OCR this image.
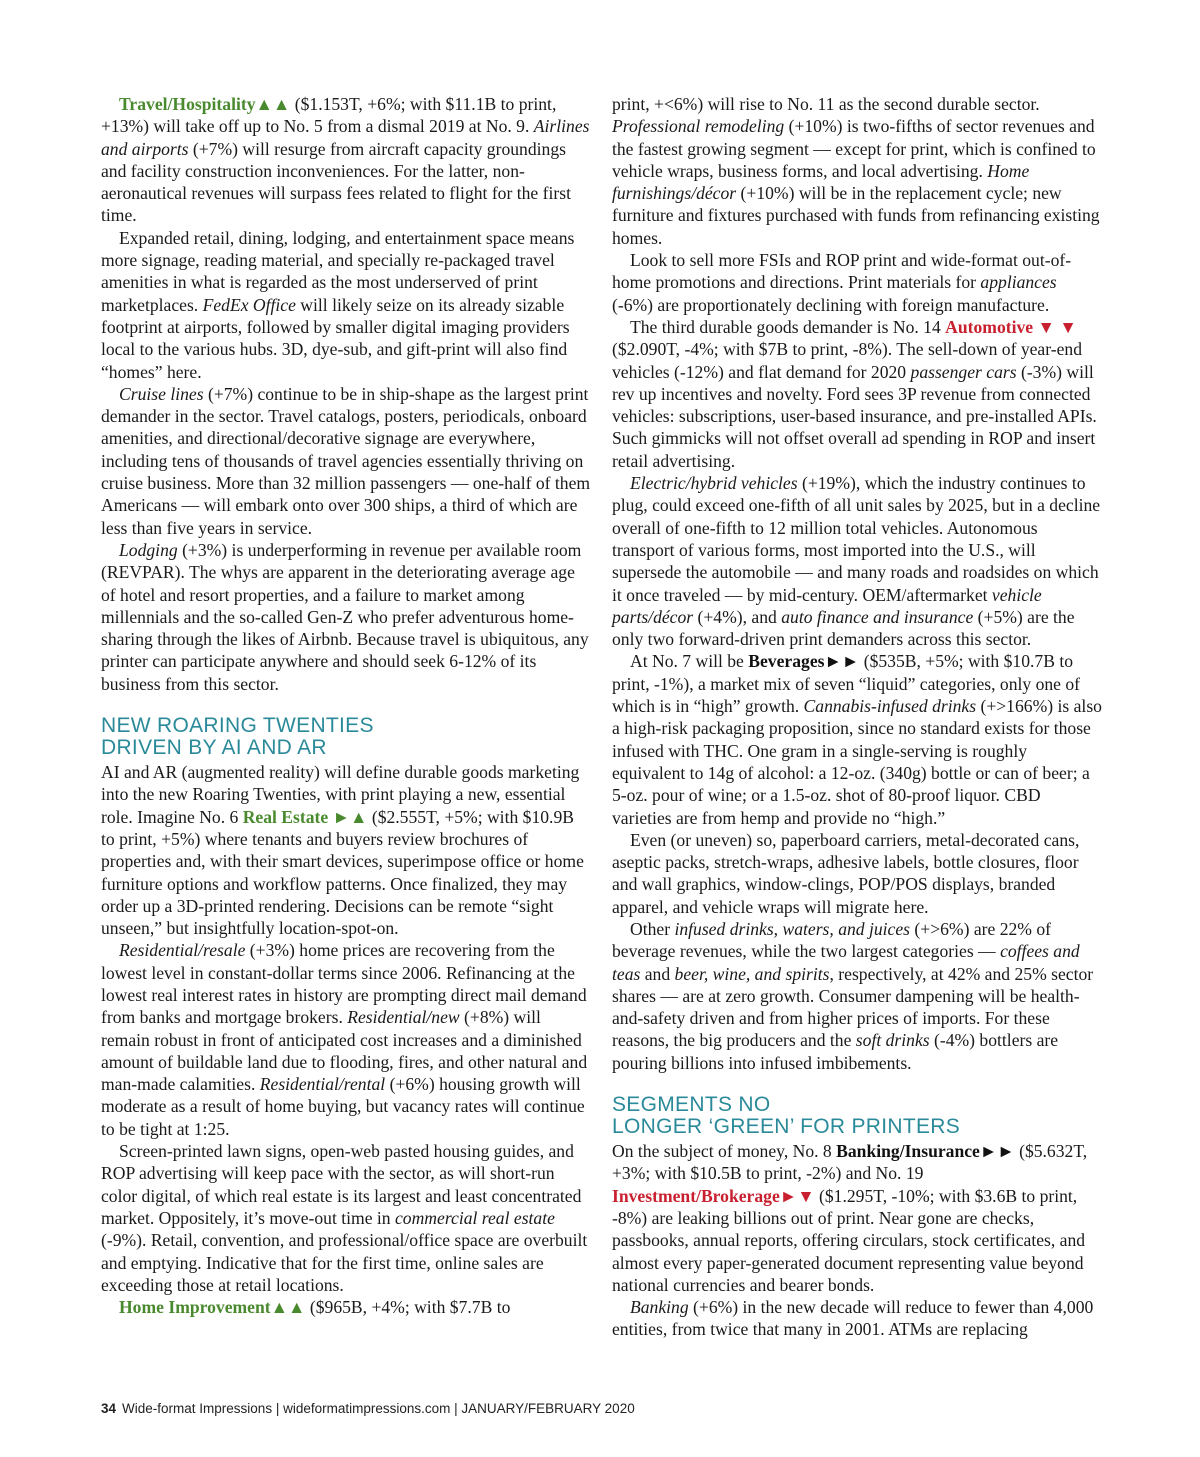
Travel/Hospitality▲▲ ($1.153T, +6%; with $11.1B to print, +13%) will take off up to No. 5 from a dismal 2019 at No. 9. Airlines and airports (+7%) will resurge from aircraft capacity groundings and facility construction inconveniences. For the latter, non-aeronautical revenues will surpass fees related to flight for the first time.

Expanded retail, dining, lodging, and entertainment space means more signage, reading material, and specially re-packaged travel amenities in what is regarded as the most underserved of print marketplaces. FedEx Office will likely seize on its already sizable footprint at airports, followed by smaller digital imaging providers local to the various hubs. 3D, dye-sub, and gift-print will also find “homes” here.

Cruise lines (+7%) continue to be in ship-shape as the largest print demander in the sector. Travel catalogs, posters, periodicals, onboard amenities, and directional/decorative signage are everywhere, including tens of thousands of travel agencies essentially thriving on cruise business. More than 32 million passengers — one-half of them Americans — will embark onto over 300 ships, a third of which are less than five years in service.

Lodging (+3%) is underperforming in revenue per available room (REVPAR). The whys are apparent in the deteriorating average age of hotel and resort properties, and a failure to market among millennials and the so-called Gen-Z who prefer adventurous home-sharing through the likes of Airbnb. Because travel is ubiquitous, any printer can participate anywhere and should seek 6-12% of its business from this sector.

NEW ROARING TWENTIES
DRIVEN BY AI AND AR

AI and AR (augmented reality) will define durable goods marketing into the new Roaring Twenties, with print playing a new, essential role. Imagine No. 6 Real Estate ►▲ ($2.555T, +5%; with $10.9B to print, +5%) where tenants and buyers review brochures of properties and, with their smart devices, superimpose office or home furniture options and workflow patterns. Once finalized, they may order up a 3D-printed rendering. Decisions can be remote “sight unseen,” but insightfully location-spot-on.

Residential/resale (+3%) home prices are recovering from the lowest level in constant-dollar terms since 2006. Refinancing at the lowest real interest rates in history are prompting direct mail demand from banks and mortgage brokers. Residential/new (+8%) will remain robust in front of anticipated cost increases and a diminished amount of buildable land due to flooding, fires, and other natural and man-made calamities. Residential/rental (+6%) housing growth will moderate as a result of home buying, but vacancy rates will continue to be tight at 1:25.

Screen-printed lawn signs, open-web pasted housing guides, and ROP advertising will keep pace with the sector, as will short-run color digital, of which real estate is its largest and least concentrated market. Oppositely, it’s move-out time in commercial real estate (-9%). Retail, convention, and professional/office space are overbuilt and emptying. Indicative that for the first time, online sales are exceeding those at retail locations.

Home Improvement▲▲ ($965B, +4%; with $7.7B to

print, +<6%) will rise to No. 11 as the second durable sector. Professional remodeling (+10%) is two-fifths of sector revenues and the fastest growing segment — except for print, which is confined to vehicle wraps, business forms, and local advertising. Home furnishings/décor (+10%) will be in the replacement cycle; new furniture and fixtures purchased with funds from refinancing existing homes.

Look to sell more FSIs and ROP print and wide-format out-of-home promotions and directions. Print materials for appliances (-6%) are proportionately declining with foreign manufacture.

The third durable goods demander is No. 14 Automotive ▼ ▼ ($2.090T, -4%; with $7B to print, -8%). The sell-down of year-end vehicles (-12%) and flat demand for 2020 passenger cars (-3%) will rev up incentives and novelty. Ford sees 3P revenue from connected vehicles: subscriptions, user-based insurance, and pre-installed APIs. Such gimmicks will not offset overall ad spending in ROP and insert retail advertising.

Electric/hybrid vehicles (+19%), which the industry continues to plug, could exceed one-fifth of all unit sales by 2025, but in a decline overall of one-fifth to 12 million total vehicles. Autonomous transport of various forms, most imported into the U.S., will supersede the automobile — and many roads and roadsides on which it once traveled — by mid-century. OEM/aftermarket vehicle parts/décor (+4%), and auto finance and insurance (+5%) are the only two forward-driven print demanders across this sector.

At No. 7 will be Beverages►► ($535B, +5%; with $10.7B to print, -1%), a market mix of seven “liquid” categories, only one of which is in “high” growth. Cannabis-infused drinks (+>166%) is also a high-risk packaging proposition, since no standard exists for those infused with THC. One gram in a single-serving is roughly equivalent to 14g of alcohol: a 12-oz. (340g) bottle or can of beer; a 5-oz. pour of wine; or a 1.5-oz. shot of 80-proof liquor. CBD varieties are from hemp and provide no “high.”

Even (or uneven) so, paperboard carriers, metal-decorated cans, aseptic packs, stretch-wraps, adhesive labels, bottle closures, floor and wall graphics, window-clings, POP/POS displays, branded apparel, and vehicle wraps will migrate here.

Other infused drinks, waters, and juices (+>6%) are 22% of beverage revenues, while the two largest categories — coffees and teas and beer, wine, and spirits, respectively, at 42% and 25% sector shares — are at zero growth. Consumer dampening will be health-and-safety driven and from higher prices of imports. For these reasons, the big producers and the soft drinks (-4%) bottlers are pouring billions into infused imbibements.

SEGMENTS NO
LONGER ‘GREEN’ FOR PRINTERS

On the subject of money, No. 8 Banking/Insurance►► ($5.632T, +3%; with $10.5B to print, -2%) and No. 19 Investment/Brokerage►▼ ($1.295T, -10%; with $3.6B to print, -8%) are leaking billions out of print. Near gone are checks, passbooks, annual reports, offering circulars, stock certificates, and almost every paper-generated document representing value beyond national currencies and bearer bonds.

Banking (+6%) in the new decade will reduce to fewer than 4,000 entities, from twice that many in 2001. ATMs are replacing

34 Wide-format Impressions | wideformatimpressions.com | JANUARY/FEBRUARY 2020
